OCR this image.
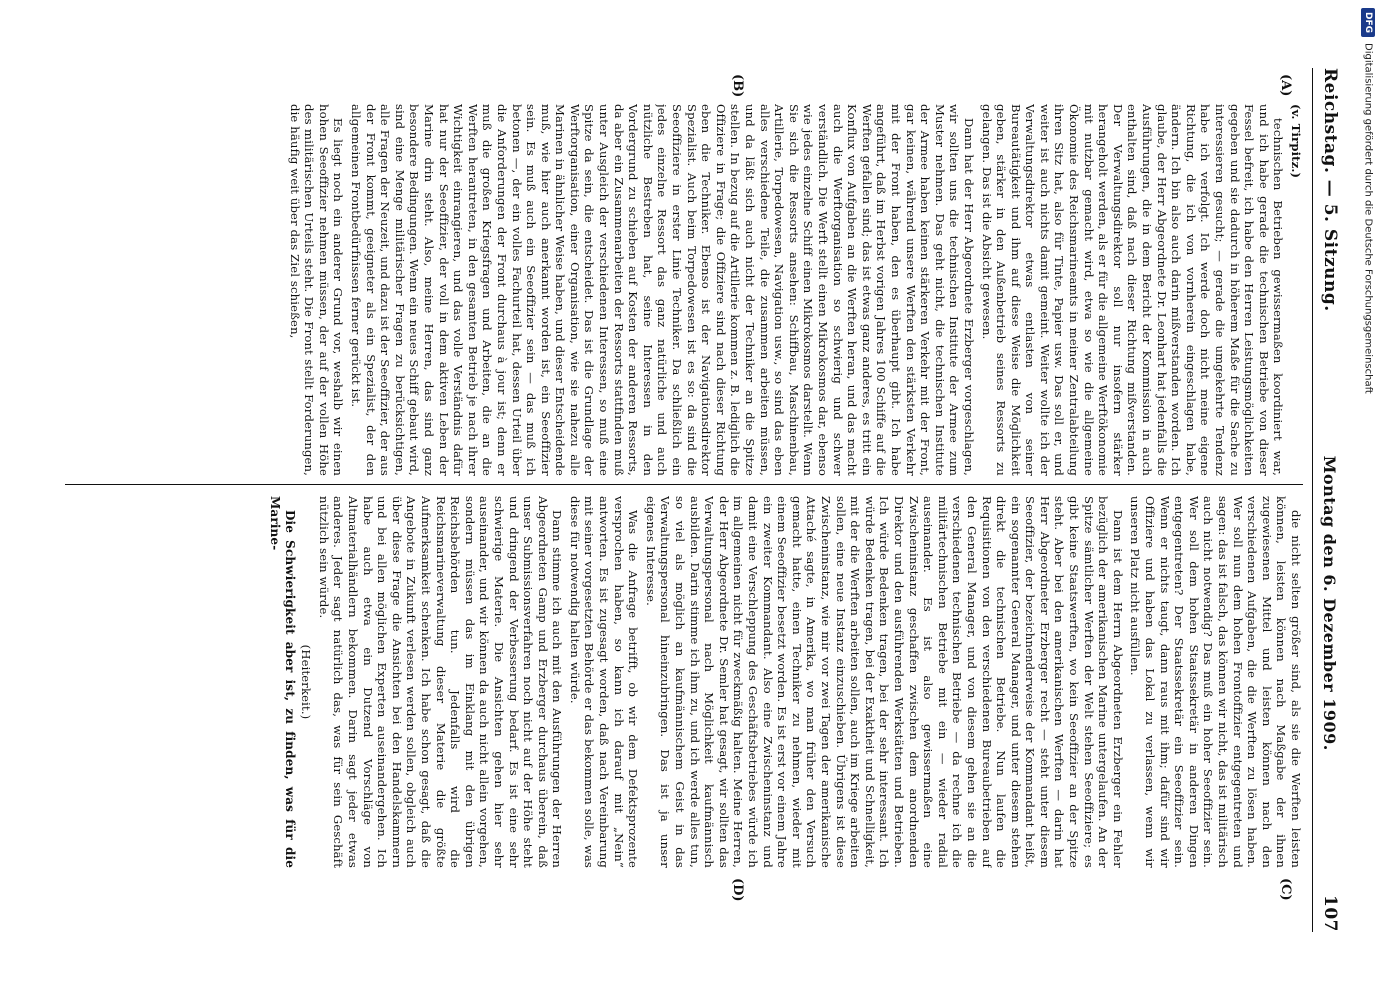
Reichstag. — 5. Sitzung.
Montag den 6. Dezember 1909.
107
(A)
(B)
(C)
(D)

(v. Tirpitz.)

technischen Betrieben gewissermaßen koordiniert war, und ich habe gerade die technischen Betriebe von dieser Fessel befreit, ich habe den Herren Leistungsmöglichkeiten gegeben und sie dadurch in höherem Maße für die Sache zu interessieren gesucht; — gerade die umgekehrte Tendenz habe ich verfolgt. Ich werde doch nicht meine eigene Richtung, die ich von vornherein eingeschlagen habe, ändern. Ich bin also auch darin mißverstanden worden. Ich glaube, der Herr Abgeordnete Dr. Leonhart hat jedenfalls die Ausführungen, die in dem Bericht der Kommission in auch enthalten sind, daß nach dieser Richtung mißverstanden. Der Verwaltungsdirektor soll nur insofern stärker herangeholt werden, als er für die allgemeine Werftökonomie mit nutzbar gemacht wird, etwa so wie die allgemeine Ökonomie des Reichsmarineamts in meiner Zentralabteilung ihren Sitz hat, also für Tinte, Papier usw. Das soll er, und weiter ist auch nichts damit gemeint. Weiter wollte ich der Verwaltungsdirektor etwas entlasten von seiner Bureautätigkeit und ihm auf diese Weise die Möglichkeit geben, stärker in den Außenbetrieb seines Ressorts zu gelangen. Das ist die Absicht gewesen.

Dann hat der Herr Abgeordnete Erzberger vorgeschlagen, wir sollten uns die technischen Institute der Armee zum Muster nehmen. Das geht nicht, die technischen Institute der Armee haben keinen stärkeren Verkehr mit der Front, gar keinen, während unsere Werften den stärksten Verkehr mit der Front haben, den es überhaupt gibt. Ich habe angeführt, daß im Herbst vorigen Jahres 100 Schiffe auf die Werften gefallen sind; das ist etwas ganz anderes, es tritt ein Konflux von Aufgaben an die Werften heran, und das macht auch die Werftorganisation so schwierig und schwer verständlich. Die Werft stellt einen Mikrokosmos dar, ebenso wie jedes einzelne Schiff einen Mikrokosmos darstellt. Wenn Sie sich die Ressorts ansehen: Schiffbau, Maschinenbau, Artillerie, Torpedowesen, Navigation usw., so sind das eben alles verschiedene Teile, die zusammen arbeiten müssen, und da läßt sich auch nicht der Techniker an die Spitze stellen. In bezug auf die Artillerie kommen z. B. lediglich die Offiziere in Frage; die Offiziere sind nach dieser Richtung eben die Techniker. Ebenso ist der Navigationsdirektor Spezialist. Auch beim Torpedowesen ist es so: da sind die Seeoffiziere in erster Linie Techniker. Da schließlich ein jedes einzelne Ressort das ganz natürliche und auch nützliche Bestreben hat, seine Interessen in den Vordergrund zu schieben auf Kosten der anderen Ressorts, da aber ein Zusammenarbeiten der Ressorts stattfinden muß unter Ausgleich der verschiedenen Interessen, so muß eine Spitze da sein, die entscheidet. Das ist die Grundlage der Werftorganisation, einer Organisation, wie sie nahezu alle Marinen in ähnlicher Weise haben, und dieser Entscheidende muß, wie hier auch anerkannt worden ist, ein Seeoffizier sein. Es muß auch ein Seeoffizier sein — das muß ich betonen —, der ein volles Fachurteil hat, dessen Urteil über die Anforderungen der Front durchaus à jour ist; denn er muß die großen Kriegsfragen und Arbeiten, die an die Werften herantreten, in den gesamten Betrieb je nach ihrer Wichtigkeit einrangieren, und das volle Verständnis dafür hat nur der Seeoffizier, der voll in dem aktiven Leben der Marine drin steht. Also, meine Herren, das sind ganz besondere Bedingungen. Wenn ein neues Schiff gebaut wird, sind eine Menge militärischer Fragen zu berücksichtigen, alle Fragen der Neuzeit, und dazu ist der Seeoffizier, der aus der Front kommt, geeigneter als ein Spezialist, der den allgemeinen Frontbedürfnissen ferner gerückt ist.

Es liegt noch ein anderer Grund vor, weshalb wir einen hohen Seeoffizier nehmen müssen, der auf der vollen Höhe des militärischen Urteils steht. Die Front stellt Forderungen, die häufig weit über das Ziel schießen,

die nicht selten größer sind, als sie die Werften leisten können, leisten können nach Maßgabe der ihnen zugewiesenen Mittel und leisten können nach den verschiedenen Aufgaben, die die Werften zu lösen haben. Wer soll nun dem hohen Frontoffizier entgegentreten und sagen: das ist falsch, das können wir nicht, das ist militärisch auch nicht notwendig? Das muß ein hoher Seeoffizier sein. Wer soll dem hohen Staatssekretär in anderen Dingen entgegentreten? Der Staatssekretär ein Seeoffizier sein. Wenn er nichts taugt, dann raus mit ihm; dafür sind wir Offiziere und haben das Lokal zu verlassen, wenn wir unseren Platz nicht ausfüllen.

Dann ist dem Herrn Abgeordneten Erzberger ein Fehler bezüglich der amerikanischen Marine untergelaufen. An der Spitze sämtlicher Werften der Welt stehen Seeoffiziere; es gibt keine Staatswerften, wo kein Seeoffizier an der Spitze steht. Aber bei den amerikanischen Werften — darin hat Herr Abgeordneter Erzberger recht — steht unter diesem Seeoffizier, der bezeichnenderweise der Kommandant heißt, ein sogenannter General Manager, und unter diesem stehen direkt die technischen Betriebe. Nun laufen die Requisitionen von den verschiedenen Bureaubetrieben auf den General Manager, und von diesem gehen sie an die verschiedenen technischen Betriebe — da rechne ich die militärtechnischen Betriebe mit ein — wieder radial auseinander. Es ist also gewissermaßen eine Zwischeninstanz geschaffen zwischen dem anordnenden Direktor und den ausführenden Werkstätten und Betrieben. Ich würde Bedenken tragen, bei der sehr interessant. Ich würde Bedenken tragen, bei der Exaktheit und Schnelligkeit, mit der die Werften arbeiten sollen, auch im Kriege arbeiten sollen, eine neue Instanz einzuschieben. Übrigens ist diese Zwischeninstanz, wie mir vor zwei Tagen der amerikanische Attaché sagte, in Amerika, wo man früher den Versuch gemacht hatte, einen Techniker zu nehmen, wieder mit einem Seeoffizier besetzt worden. Es ist erst vor einem Jahre ein zweiter Kommandant. Also eine Zwischeninstanz und damit eine Verschleppung des Geschäftsbetriebes würde ich im allgemeinen nicht für zweckmäßig halten. Meine Herren, der Herr Abgeordnete Dr. Semler hat gesagt, wir sollten das Verwaltungspersonal nach Möglichkeit kaufmännisch ausbilden. Darin stimme ich ihm zu, und ich werde alles tun, so viel als möglich an kaufmännischem Geist in das Verwaltungspersonal hineinzubringen. Das ist ja unser eigenes Interesse.

Was die Anfrage betrifft, ob wir dem Defektsprozente versprochen haben, so kann ich darauf mit „Nein“ antworten. Es ist zugesagt worden, daß nach Vereinbarung mit seiner vorgesetzten Behörde er das bekommen solle, was diese für notwendig halten würde.

Dann stimme ich auch mit den Ausführungen der Herren Abgeordneten Gamp und Erzberger durchaus überein, daß unser Submissionsverfahren noch nicht auf der Höhe steht und dringend der Verbesserung bedarf. Es ist eine sehr schwierige Materie. Die Ansichten gehen hier sehr auseinander, und wir können da auch nicht allein vorgehen, sondern müssen das im Einklang mit den übrigen Reichsbehörden tun. Jedenfalls wird die Reichsmarineverwaltung dieser Materie die größte Aufmerksamkeit schenken. Ich habe schon gesagt, daß die Angebote in Zukunft verlesen werden sollen, obgleich auch über diese Frage die Ansichten bei den Handelskammern und bei allen möglichen Experten auseinandergehen. Ich habe auch etwa ein Dutzend Vorschläge von Altmaterialhändlern bekommen. Darin sagt jeder etwas anderes. Jeder sagt natürlich das, was für sein Geschäft nützlich sein würde.

(Heiterkeit.)

Die Schwierigkeit aber ist, zu finden, was für die Marine-

DFG
Digitalisierung gefördert durch die Deutsche Forschungsgemeinschaft
